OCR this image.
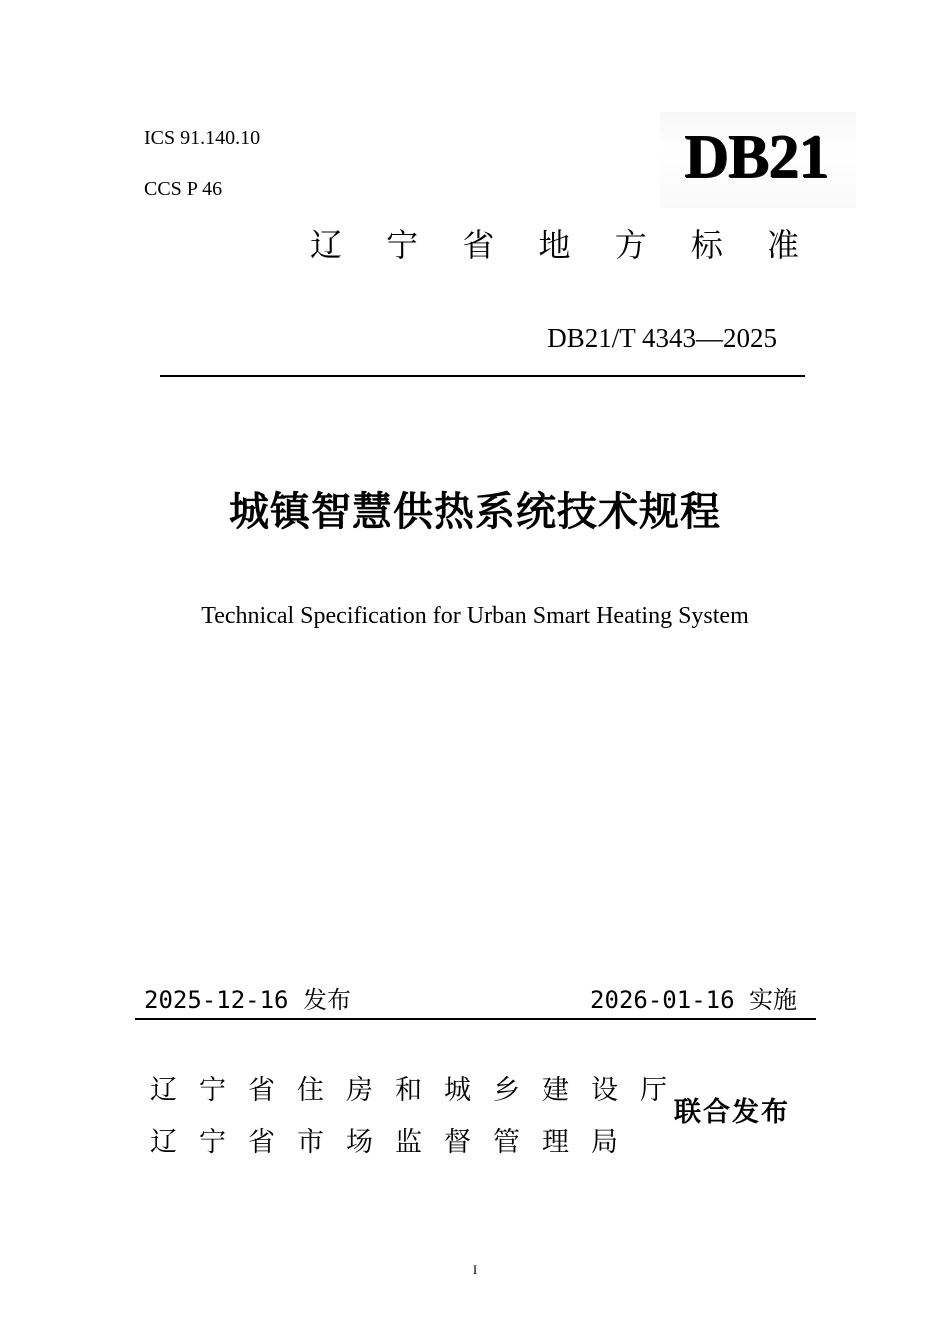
ICS 91.140.10
CCS P 46	DB21
辽 宁 省 地 方 标 准
DB21/T 4343—2025
城镇智慧供热系统技术规程
Technical Specification for Urban Smart Heating System
2025-12-16 发布	2026-01-16 实施
辽宁省住房和城乡建设厅
辽宁省市场监督管理局
联合发布
I
